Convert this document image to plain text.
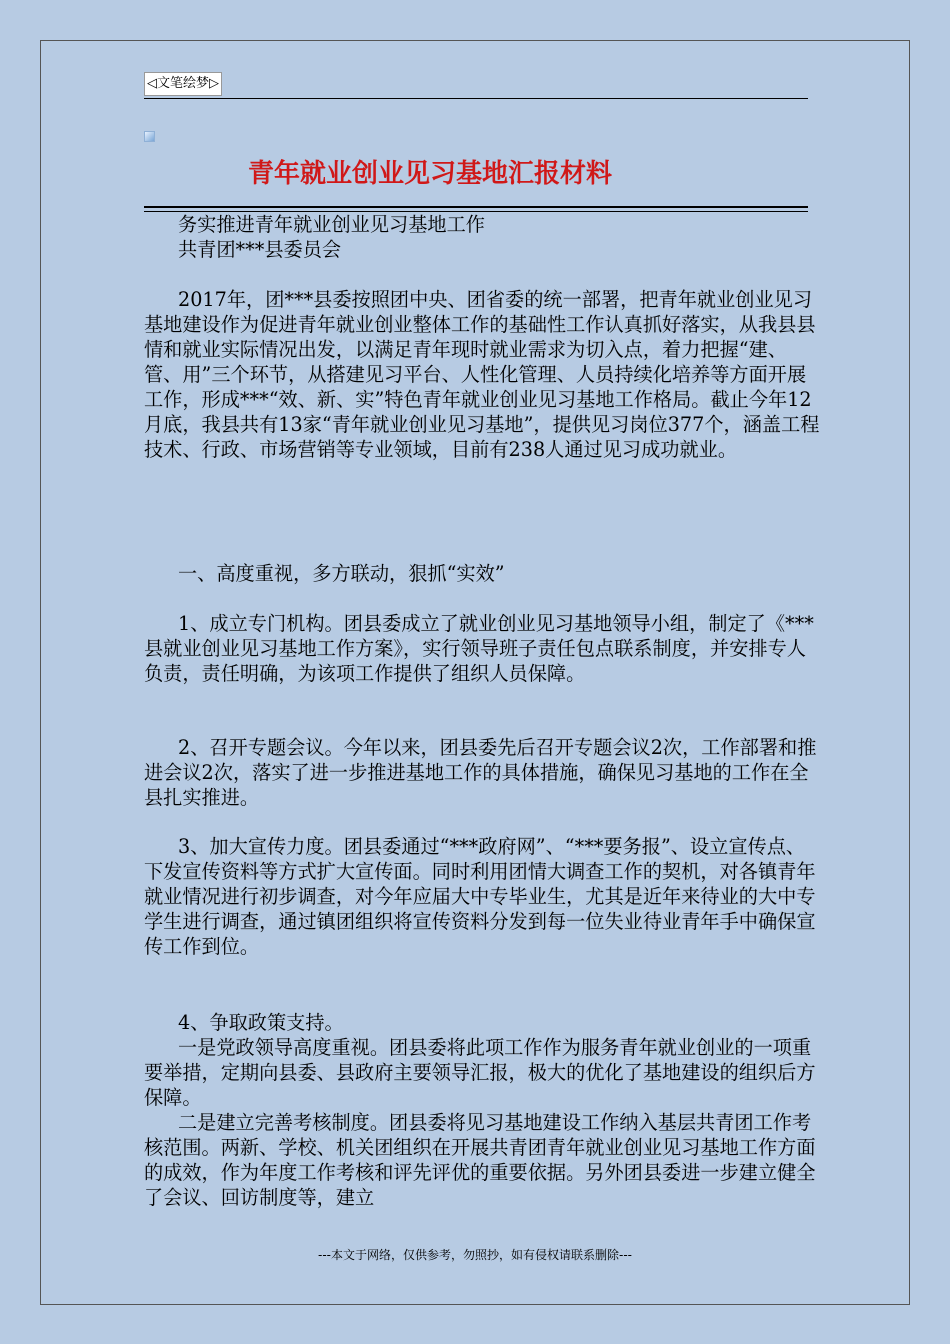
◁文笔绘梦▷
青年就业创业见习基地汇报材料

务实推进青年就业创业见习基地工作

共青团***县委员会

2017年，团***县委按照团中央、团省委的统一部署，把青年就业创业见习基地建设作为促进青年就业创业整体工作的基础性工作认真抓好落实，从我县县情和就业实际情况出发，以满足青年现时就业需求为切入点，着力把握“建、管、用”三个环节，从搭建见习平台、人性化管理、人员持续化培养等方面开展工作，形成***“效、新、实”特色青年就业创业见习基地工作格局。截止今年12月底，我县共有13家“青年就业创业见习基地”，提供见习岗位377个，涵盖工程技术、行政、市场营销等专业领域，目前有238人通过见习成功就业。

一、高度重视，多方联动，狠抓“实效”

1、成立专门机构。团县委成立了就业创业见习基地领导小组，制定了《***县就业创业见习基地工作方案》，实行领导班子责任包点联系制度，并安排专人负责，责任明确，为该项工作提供了组织人员保障。

2、召开专题会议。今年以来，团县委先后召开专题会议2次，工作部署和推进会议2次，落实了进一步推进基地工作的具体措施，确保见习基地的工作在全县扎实推进。

3、加大宣传力度。团县委通过“***政府网”、“***要务报”、设立宣传点、下发宣传资料等方式扩大宣传面。同时利用团情大调查工作的契机，对各镇青年就业情况进行初步调查，对今年应届大中专毕业生，尤其是近年来待业的大中专学生进行调查，通过镇团组织将宣传资料分发到每一位失业待业青年手中确保宣传工作到位。

4、争取政策支持。

一是党政领导高度重视。团县委将此项工作作为服务青年就业创业的一项重要举措，定期向县委、县政府主要领导汇报，极大的优化了基地建设的组织后方保障。

二是建立完善考核制度。团县委将见习基地建设工作纳入基层共青团工作考核范围。两新、学校、机关团组织在开展共青团青年就业创业见习基地工作方面的成效，作为年度工作考核和评先评优的重要依据。另外团县委进一步建立健全了会议、回访制度等，建立

---本文于网络，仅供参考，勿照抄，如有侵权请联系删除---
